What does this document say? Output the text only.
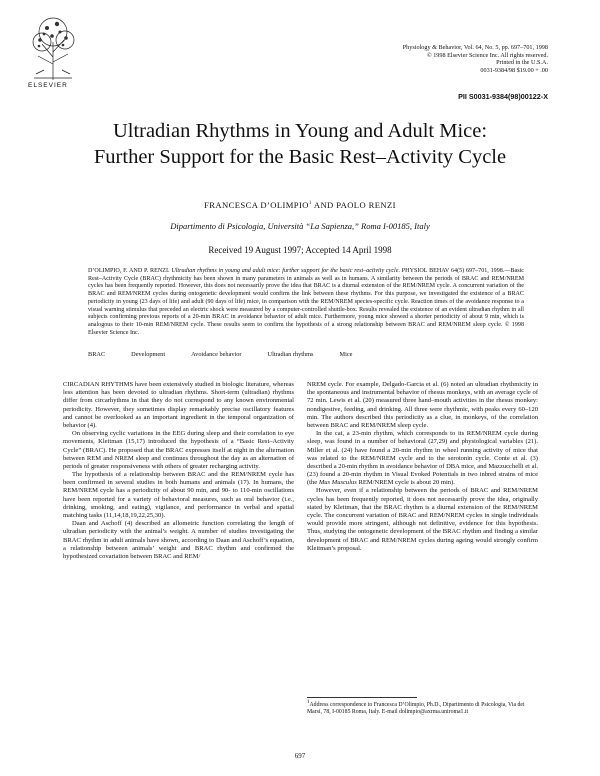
ELSEVIER
Physiology & Behavior, Vol. 64, No. 5, pp. 697–701, 1998
© 1998 Elsevier Science Inc. All rights reserved.
Printed in the U.S.A.
0031-9384/98 $19.00 + .00
PII S0031-9384(98)00122-X
Ultradian Rhythms in Young and Adult Mice:
Further Support for the Basic Rest–Activity Cycle
FRANCESCA D’OLIMPIO$^1$ AND PAOLO RENZI
Dipartimento di Psicologia, Università “La Sapienza,” Roma I-00185, Italy
Received 19 August 1997; Accepted 14 April 1998

D’OLIMPIO, F. AND P. RENZI. Ultradian rhythms in young and adult mice: further support for the basic rest–activity cycle. PHYSIOL BEHAV 64(5) 697–701, 1998.—Basic Rest–Activity Cycle (BRAC) rhythmicity has been shown in many parameters in animals as well as in humans. A similarity between the periods of BRAC and REM/NREM cycles has been frequently reported. However, this does not necessarily prove the idea that BRAC is a diurnal extension of the REM/NREM cycle. A concurrent variation of the BRAC and REM/NREM cycles during ontogenetic development would confirm the link between these rhythms. For this purpose, we investigated the existence of a BRAC periodicity in young (23 days of life) and adult (90 days of life) mice, in comparison with the REM/NREM species-specific cycle. Reaction times of the avoidance response to a visual warning stimulus that preceded an electric shock were measured by a computer-controlled shuttle-box. Results revealed the existence of an evident ultradian rhythm in all subjects confirming previous reports of a 20-min BRAC in avoidance behavior of adult mice. Furthermore, young mice showed a shorter periodicity of about 9 min, which is analogous to their 10-min REM/NREM cycle. These results seem to confirm the hypothesis of a strong relationship between BRAC and REM/NREM sleep cycle. © 1998 Elsevier Science Inc.

BRAC	Development	Avoidance behavior	Ultradian rhythms	Mice

CIRCADIAN RHYTHMS have been extensively studied in biologic literature, whereas less attention has been devoted to ultradian rhythms. Short-term (ultradian) rhythms differ from circarhythms in that they do not correspond to any known environmental periodicity. However, they sometimes display remarkably precise oscillatory features and cannot be overlooked as an important ingredient in the temporal organization of behavior (4).

On observing cyclic variations in the EEG during sleep and their correlation to eye movements, Kleitman (15,17) introduced the hypothesis of a “Basic Rest–Activity Cycle” (BRAC). He proposed that the BRAC expresses itself at night in the alternation between REM and NREM sleep and continues throughout the day as an alternation of periods of greater responsiveness with others of greater recharging activity.

The hypothesis of a relationship between BRAC and the REM/NREM cycle has been confirmed in several studies in both humans and animals (17). In humans, the REM/NREM cycle has a periodicity of about 90 min, and 90- to 110-min oscillations have been reported for a variety of behavioral measures, such as oral behavior (i.e., drinking, smoking, and eating), vigilance, and performance in verbal and spatial matching tasks (11,14,18,19,22,25,30).

Daan and Aschoff (4) described an allometric function correlating the length of ultradian periodicity with the animal’s weight. A number of studies investigating the BRAC rhythm in adult animals have shown, according to Daan and Aschoff’s equation, a relationship between animals’ weight and BRAC rhythm and confirmed the hypothesized covariation between BRAC and REM/

NREM cycle. For example, Delgado-Garcia et al. (6) noted an ultradian rhythmicity in the spontaneous and instrumental behavior of rhesus monkeys, with an average cycle of 72 min. Lewis et al. (20) measured three hand–mouth activities in the rhesus monkey: nondigestive, feeding, and drinking. All three were rhythmic, with peaks every 60–120 min. The authors described this periodicity as a clue, in monkeys, of the correlation between BRAC and REM/NREM sleep cycle.

In the cat, a 23-min rhythm, which corresponds to its REM/NREM cycle during sleep, was found in a number of behavioral (27,29) and physiological variables (21). Miller et al. (24) have found a 20-min rhythm in wheel running activity of mice that was related to the REM/NREM cycle and to the serotonin cycle. Conte et al. (3) described a 20-min rhythm in avoidance behavior of DBA mice, and Mazzucchelli et al. (23) found a 20-min rhythm in Visual Evoked Potentials in two inbred strains of mice (the Mus Musculus REM/NREM cycle is about 20 min).

However, even if a relationship between the periods of BRAC and REM/NREM cycles has been frequently reported, it does not necessarily prove the idea, originally stated by Kleitman, that the BRAC rhythm is a diurnal extension of the REM/NREM cycle. The concurrent variation of BRAC and REM/NREM cycles in single individuals would provide more stringent, although not definitive, evidence for this hypothesis. Thus, studying the ontogenetic development of the BRAC rhythm and finding a similar development of BRAC and REM/NREM cycles during ageing would strongly confirm Kleitman’s proposal.

$^1$Address correspondence to Francesca D’Olimpio, Ph.D., Dipartimento di Psicologia, Via dei Marsi, 78, I-00185 Roma, Italy. E-mail dolimpio@axrma.uniroma1.it
697
